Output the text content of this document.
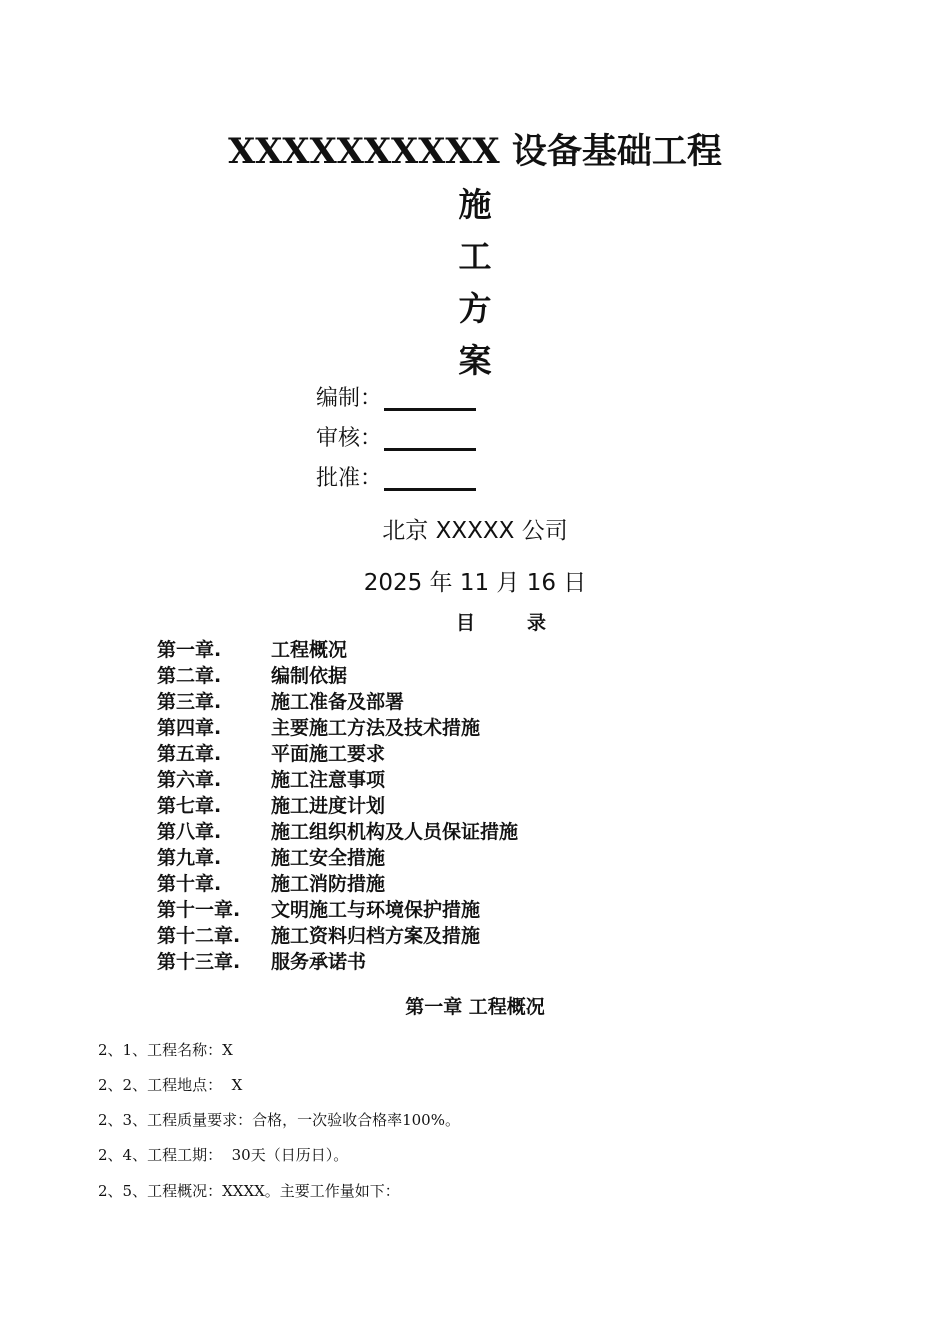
XXXXXXXXXX 设备基础工程
施
工
方
案
编制：
审核：
批准：
北京 XXXXX 公司
2025 年 11 月 16 日
目	录
第一章.	工程概况
第二章.	编制依据
第三章.	施工准备及部署
第四章.	主要施工方法及技术措施
第五章.	平面施工要求
第六章.	施工注意事项
第七章.	施工进度计划
第八章.	施工组织机构及人员保证措施
第九章.	施工安全措施
第十章.	施工消防措施
第十一章.	文明施工与环境保护措施
第十二章.	施工资料归档方案及措施
第十三章.	服务承诺书
第一章 工程概况
2、1、工程名称：X
2、2、工程地点：  X
2、3、工程质量要求：合格，一次验收合格率100%。
2、4、工程工期：  30天（日历日）。
2、5、工程概况：XXXX。主要工作量如下：
